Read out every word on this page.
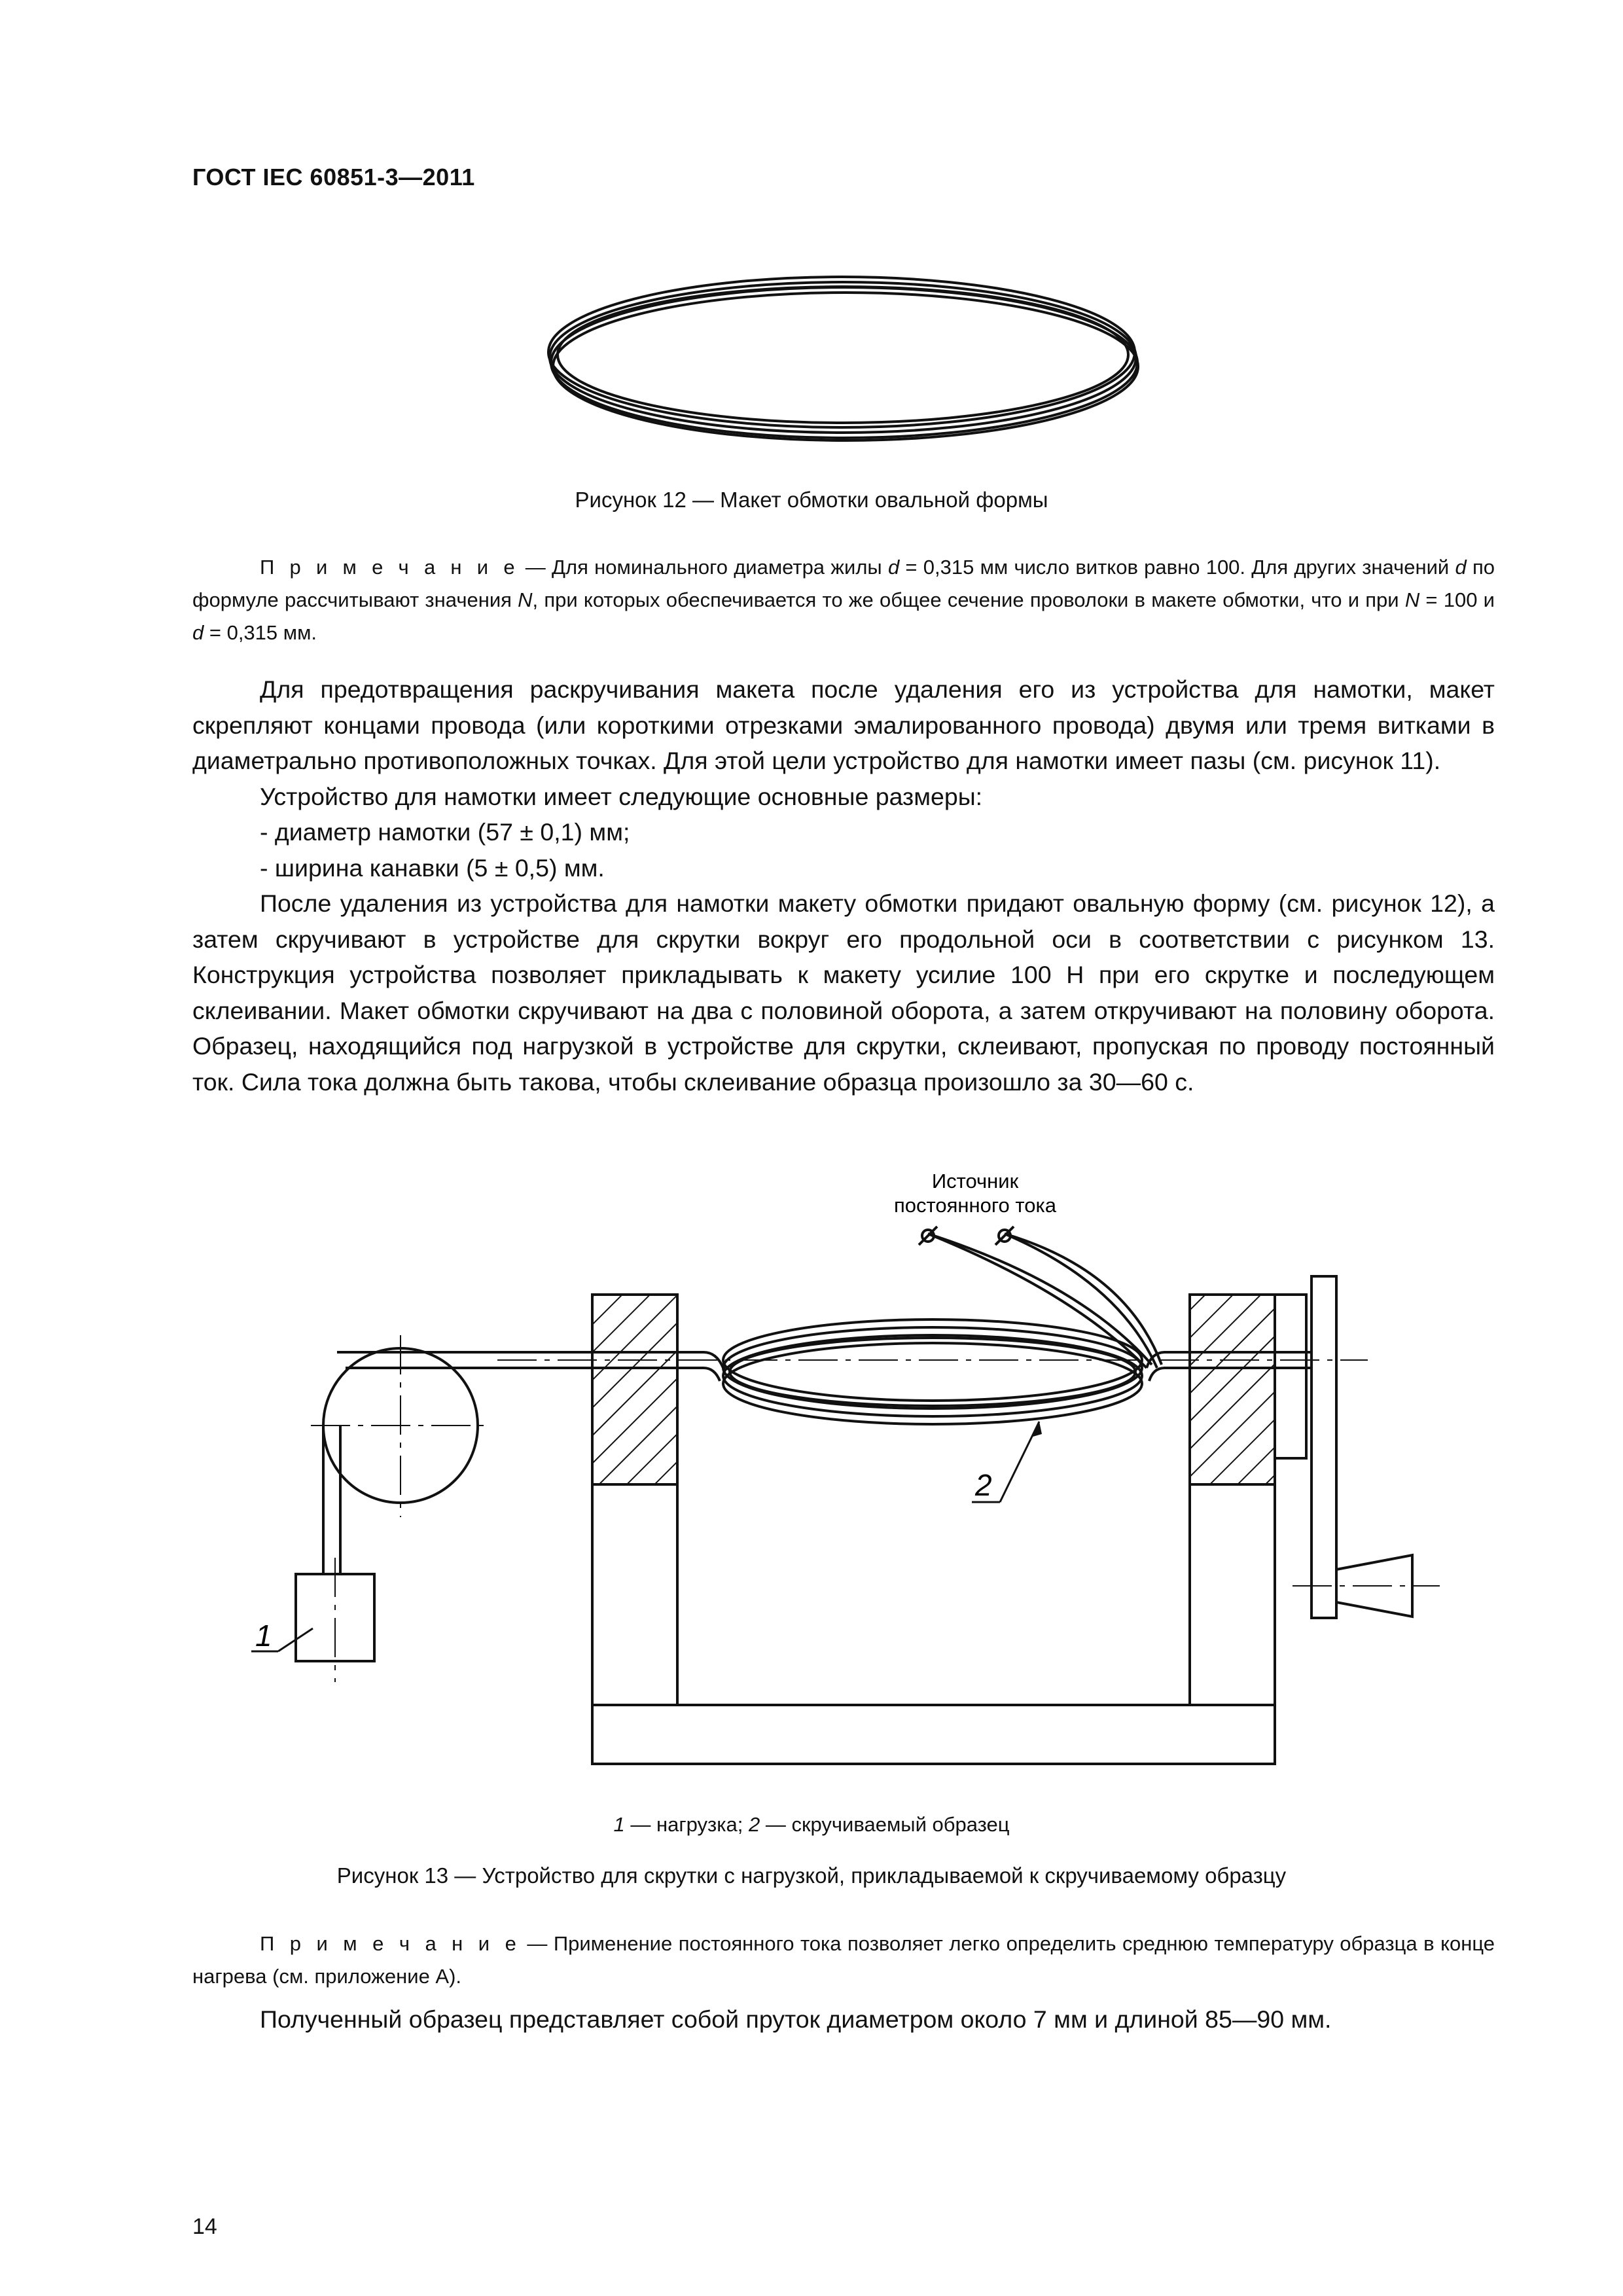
ГОСТ IEC 60851-3—2011
Рисунок 12 — Макет обмотки овальной формы
П р и м е ч а н и е — Для номинального диаметра жилы d = 0,315 мм число витков равно 100. Для других значений d по формуле рассчитывают значения N, при которых обеспечивается то же общее сечение проволоки в макете обмотки, что и при N = 100 и d = 0,315 мм.
Для предотвращения раскручивания макета после удаления его из устройства для намотки, макет скрепляют концами провода (или короткими отрезками эмалированного провода) двумя или тремя витками в диаметрально противоположных точках. Для этой цели устройство для намотки имеет пазы (см. рисунок 11).
Устройство для намотки имеет следующие основные размеры:
- диаметр намотки (57 ± 0,1) мм;
- ширина канавки (5 ± 0,5) мм.
После удаления из устройства для намотки макету обмотки придают овальную форму (см. рисунок 12), а затем скручивают в устройстве для скрутки вокруг его продольной оси в соответствии с рисунком 13. Конструкция устройства позволяет прикладывать к макету усилие 100 Н при его скрутке и последующем склеивании. Макет обмотки скручивают на два с половиной оборота, а затем откручивают на половину оборота. Образец, находящийся под нагрузкой в устройстве для скрутки, склеивают, пропуская по проводу постоянный ток. Сила тока должна быть такова, чтобы склеивание образца произошло за 30—60 с.
Источник
постоянного тока
2
1
1 — нагрузка; 2 — скручиваемый образец
Рисунок 13 — Устройство для скрутки с нагрузкой, прикладываемой к скручиваемому образцу
П р и м е ч а н и е — Применение постоянного тока позволяет легко определить среднюю температуру образца в конце нагрева (см. приложение А).
Полученный образец представляет собой пруток диаметром около 7 мм и длиной 85—90 мм.
14
